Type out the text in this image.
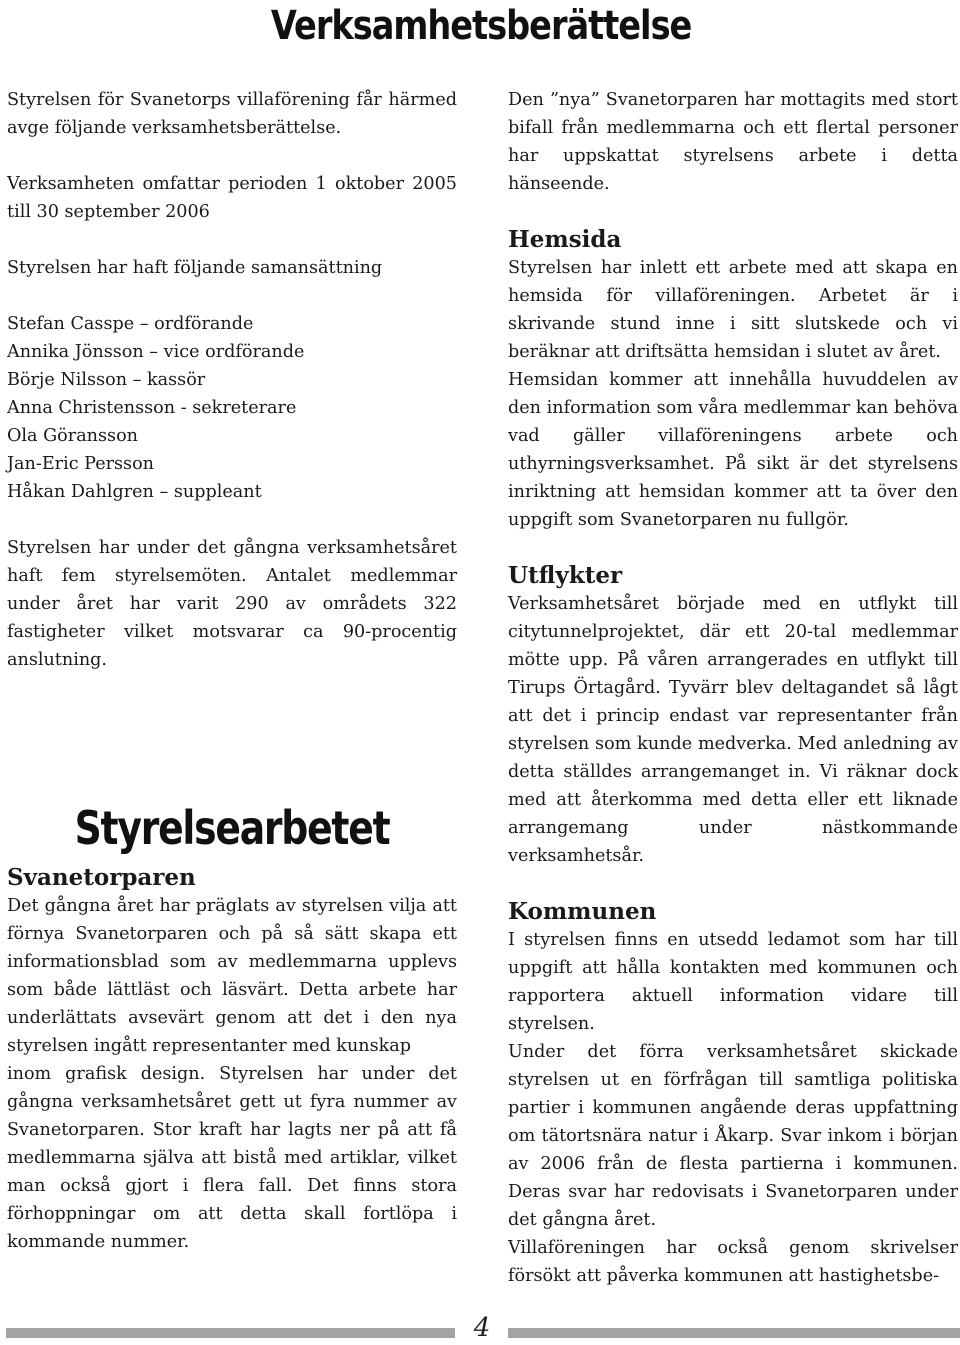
Verksamhetsberättelse

Styrelsen för Svanetorps villaförening får härmed avge följande verksamhetsberättelse.

Verksamheten omfattar perioden 1 oktober 2005 till 30 september 2006

Styrelsen har haft följande samansättning

Stefan Casspe – ordförande

Annika Jönsson – vice ordförande

Börje Nilsson – kassör

Anna Christensson - sekreterare

Ola Göransson

Jan-Eric Persson

Håkan Dahlgren – suppleant

Styrelsen har under det gångna verksamhetsåret haft fem styrelsemöten. Antalet medlemmar under året har varit 290 av områdets 322 fastigheter vilket motsvarar ca 90-procentig anslutning.

Styrelsearbetet
Svanetorparen

Det gångna året har präglats av styrelsen vilja att förnya Svanetorparen och på så sätt skapa ett informationsblad som av medlemmarna upplevs som både lättläst och läsvärt. Detta arbete har underlättats avsevärt genom att det i den nya styrelsen ingått representanter med kunskap

inom grafisk design. Styrelsen har under det gångna verksamhetsåret gett ut fyra nummer av Svanetorparen. Stor kraft har lagts ner på att få medlemmarna själva att bistå med artiklar, vilket man också gjort i flera fall. Det finns stora förhoppningar om att detta skall fortlöpa i kommande nummer.

Den ”nya” Svanetorparen har mottagits med stort bifall från medlemmarna och ett flertal personer har uppskattat styrelsens arbete i detta hänseende.

Hemsida

Styrelsen har inlett ett arbete med att skapa en hemsida för villaföreningen. Arbetet är i skrivande stund inne i sitt slutskede och vi beräknar att driftsätta hemsidan i slutet av året.

Hemsidan kommer att innehålla huvuddelen av den information som våra medlemmar kan behöva vad gäller villaföreningens arbete och uthyrningsverksamhet. På sikt är det styrelsens inriktning att hemsidan kommer att ta över den uppgift som Svanetorparen nu fullgör.

Utflykter

Verksamhetsåret började med en utflykt till citytunnelprojektet, där ett 20-tal medlemmar mötte upp. På våren arrangerades en utflykt till Tirups Örtagård. Tyvärr blev deltagandet så lågt att det i princip endast var representanter från styrelsen som kunde medverka. Med anledning av detta ställdes arrangemanget in. Vi räknar dock med att återkomma med detta eller ett liknade arrangemang under nästkommande verksamhetsår.

Kommunen

I styrelsen finns en utsedd ledamot som har till uppgift att hålla kontakten med kommunen och rapportera aktuell information vidare till styrelsen.

Under det förra verksamhetsåret skickade styrelsen ut en förfrågan till samtliga politiska partier i kommunen angående deras uppfattning om tätortsnära natur i Åkarp. Svar inkom i början av 2006 från de flesta partierna i kommunen. Deras svar har redovisats i Svanetorparen under det gångna året.

Villaföreningen har också genom skrivelser försökt att påverka kommunen att hastighetsbe-

4
